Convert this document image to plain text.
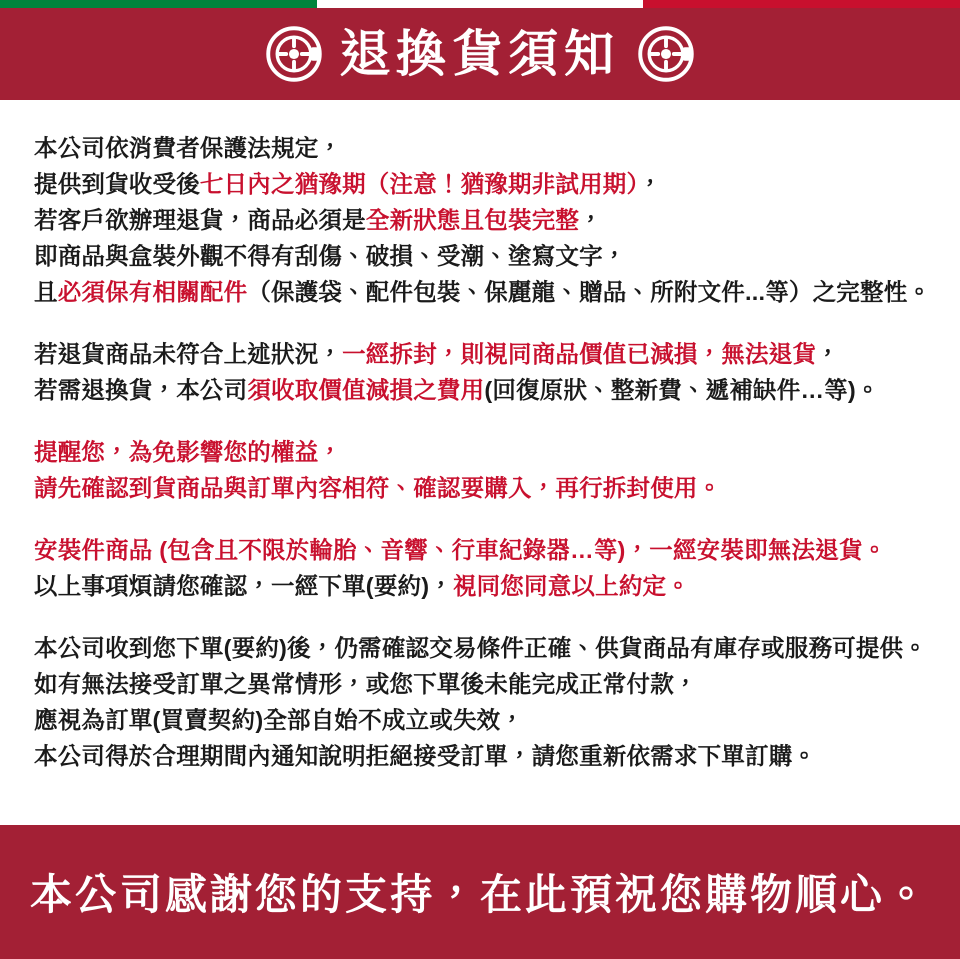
退換貨須知
本公司依消費者保護法規定，
提供到貨收受後七日內之猶豫期（注意！猶豫期非試用期），
若客戶欲辦理退貨，商品必須是全新狀態且包裝完整，
即商品與盒裝外觀不得有刮傷、破損、受潮、塗寫文字，
且必須保有相關配件（保護袋、配件包裝、保麗龍、贈品、所附文件...等）之完整性。
若退貨商品未符合上述狀況，一經拆封，則視同商品價值已減損，無法退貨，
若需退換貨，本公司須收取價值減損之費用(回復原狀、整新費、遞補缺件…等)。
提醒您，為免影響您的權益，
請先確認到貨商品與訂單內容相符、確認要購入，再行拆封使用。
安裝件商品 (包含且不限於輪胎、音響、行車紀錄器…等)，一經安裝即無法退貨。
以上事項煩請您確認，一經下單(要約)，視同您同意以上約定。
本公司收到您下單(要約)後，仍需確認交易條件正確、供貨商品有庫存或服務可提供。
如有無法接受訂單之異常情形，或您下單後未能完成正常付款，
應視為訂單(買賣契約)全部自始不成立或失效，
本公司得於合理期間內通知說明拒絕接受訂單，請您重新依需求下單訂購。
本公司感謝您的支持，在此預祝您購物順心。
